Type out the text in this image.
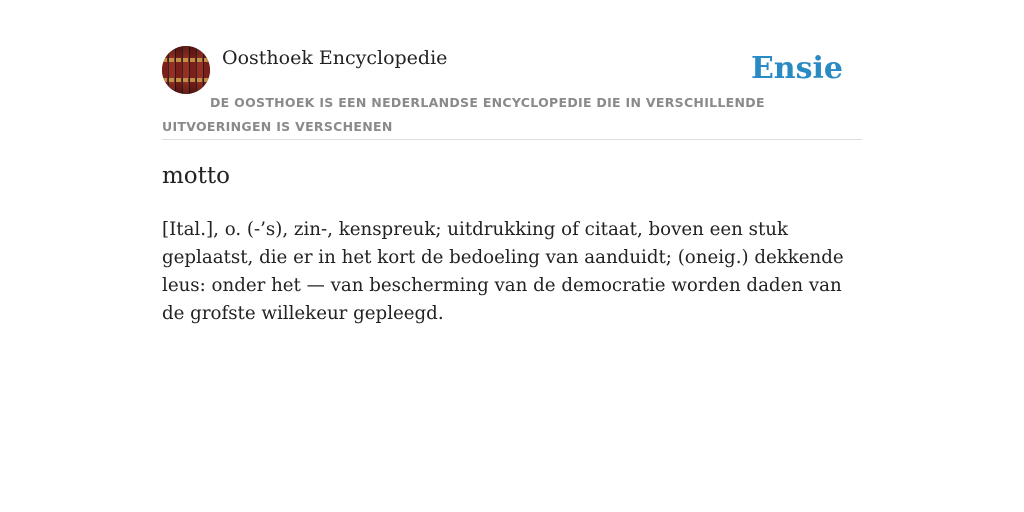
Oosthoek Encyclopedie	Ensie
DE OOSTHOEK IS EEN NEDERLANDSE ENCYCLOPEDIE DIE IN VERSCHILLENDE UITVOERINGEN IS VERSCHENEN
motto

[Ital.], o. (-’s), zin-, kenspreuk; uitdrukking of citaat, boven een stuk geplaatst, die er in het kort de bedoeling van aanduidt; (oneig.) dekkende leus: onder het — van bescherming van de democratie worden daden van de grofste willekeur gepleegd.
